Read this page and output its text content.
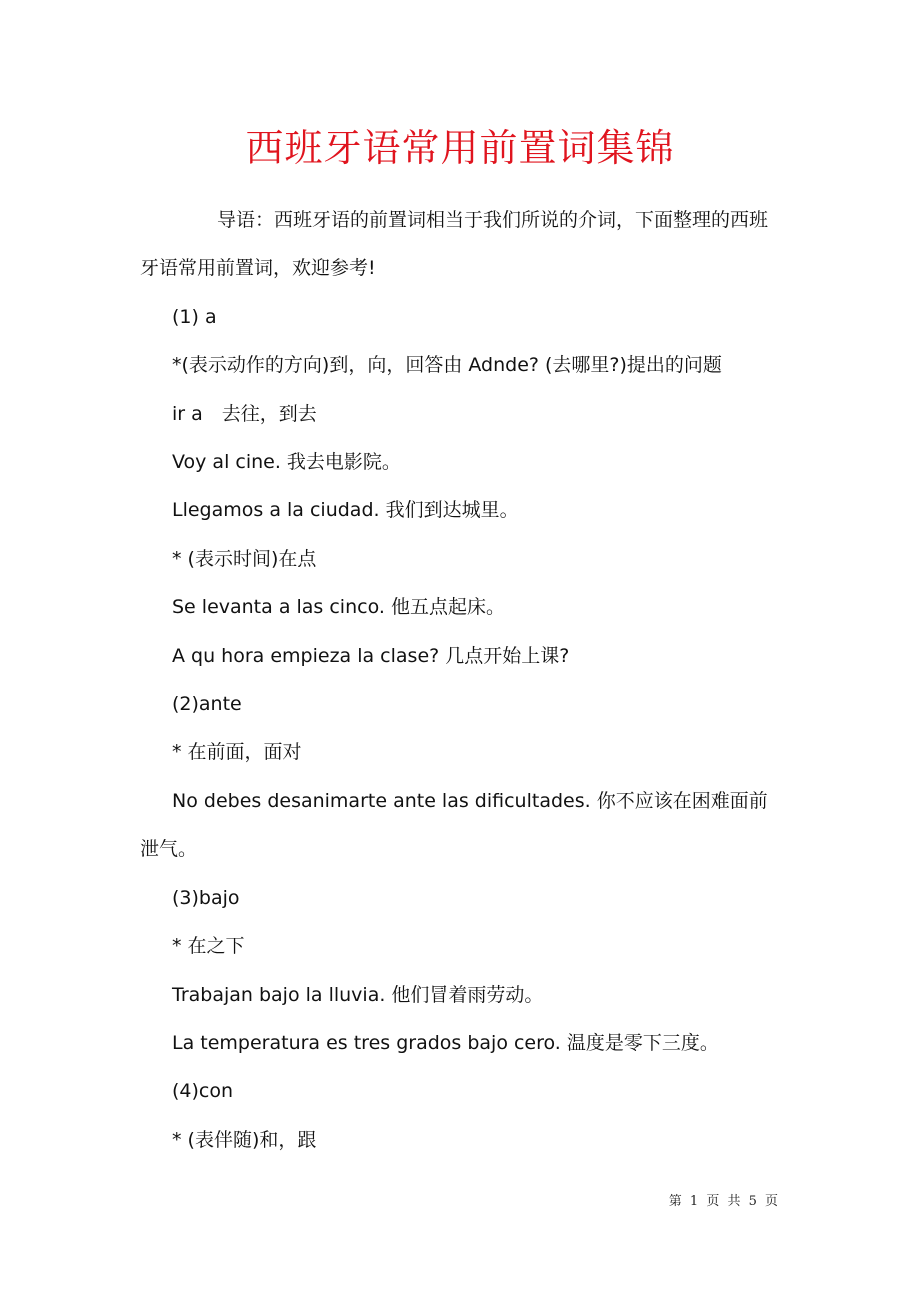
西班牙语常用前置词集锦

导语：西班牙语的前置词相当于我们所说的介词，下面整理的西班牙语常用前置词，欢迎参考!

(1) a

*(表示动作的方向)到，向，回答由 Adnde? (去哪里?)提出的问题

ir a　去往，到去

Voy al cine. 我去电影院。

Llegamos a la ciudad. 我们到达城里。

* (表示时间)在点

Se levanta a las cinco. 他五点起床。

A qu hora empieza la clase? 几点开始上课?

(2)ante

* 在前面，面对

No debes desanimarte ante las dificultades. 你不应该在困难面前泄气。

(3)bajo

* 在之下

Trabajan bajo la lluvia. 他们冒着雨劳动。

La temperatura es tres grados bajo cero. 温度是零下三度。

(4)con

* (表伴随)和，跟

第 1 页 共 5 页
